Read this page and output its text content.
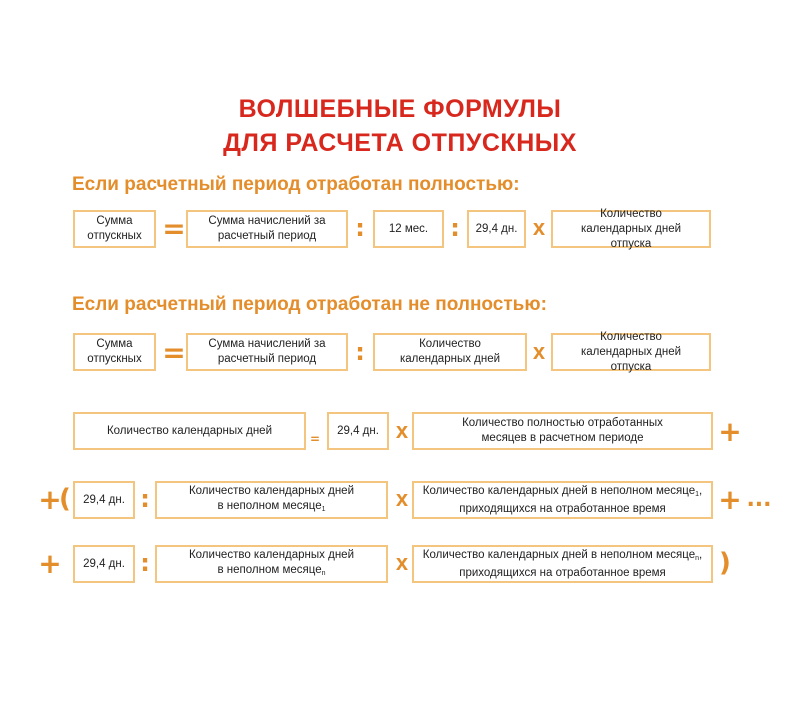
ВОЛШЕБНЫЕ ФОРМУЛЫ
ДЛЯ РАСЧЕТА ОТПУСКНЫХ
Если расчетный период отработан полностью:
Сумма отпускных =	Сумма начислений за расчетный период	:	12 мес. :	29,4 дн. x
Количество календарных дней отпуска
Если расчетный период отработан не полностью:
Сумма отпускных =	Сумма начислений за расчетный период	:	Количество календарных дней	x
Количество календарных дней отпуска
Количество календарных дней
=
29,4 дн. x	Количество полностью отработанных месяцев в расчетном периоде	+
+
(	29,4 дн. :	Количество календарных дней в неполном месяце$_1$	x	Количество календарных дней в неполном месяце$_1$, приходящихся на отработанное время	+ ...
+	29,4 дн. :	Количество календарных дней в неполном месяце$_n$	x	Количество календарных дней в неполном месяце$_n$, приходящихся на отработанное время	)
